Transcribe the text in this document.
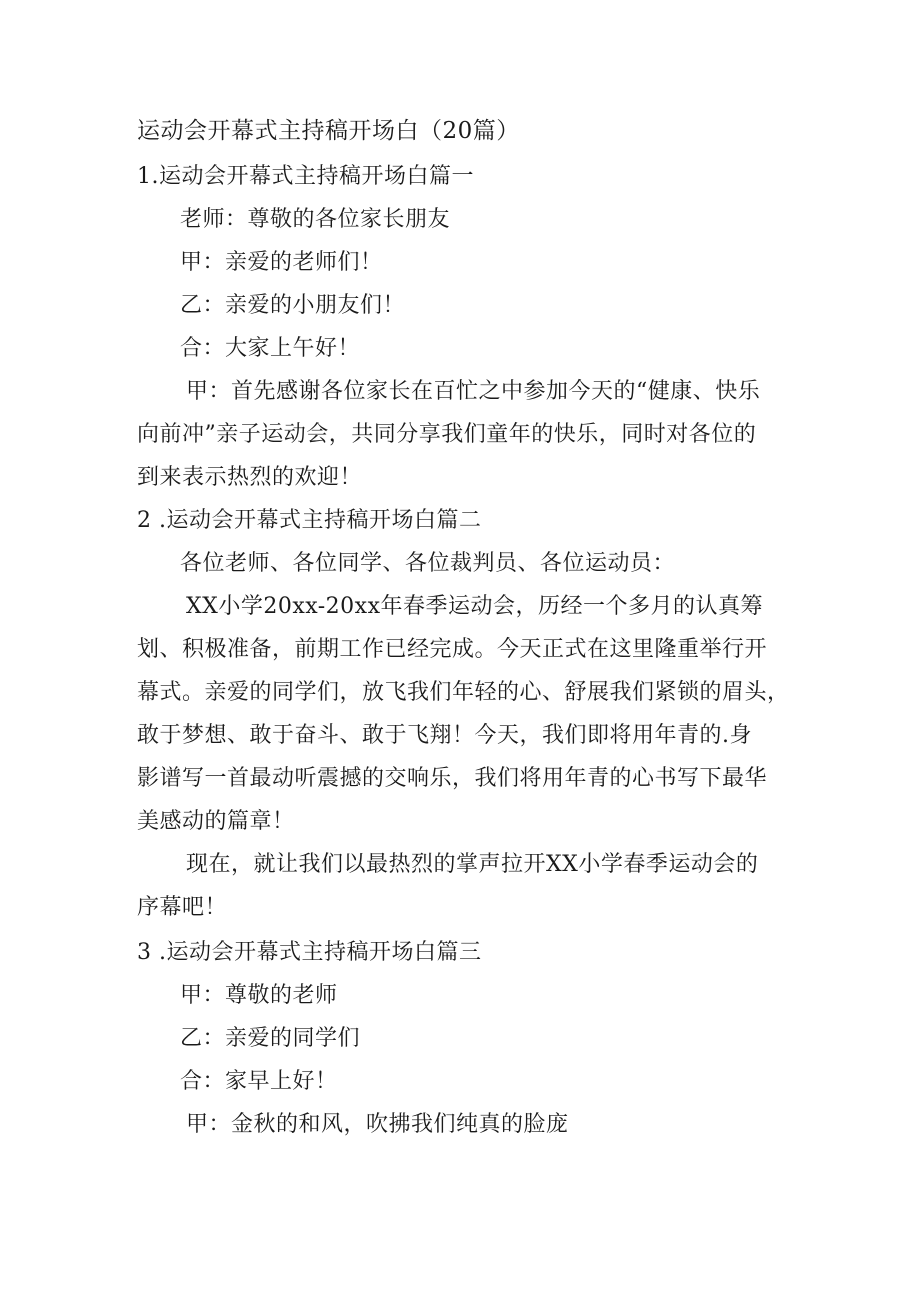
运动会开幕式主持稿开场白（20篇）
1.运动会开幕式主持稿开场白篇一
老师：尊敬的各位家长朋友
甲：亲爱的老师们！
乙：亲爱的小朋友们！
合：大家上午好！
甲：首先感谢各位家长在百忙之中参加今天的“健康、快乐
向前冲”亲子运动会，共同分享我们童年的快乐，同时对各位的
到来表示热烈的欢迎！
2 .运动会开幕式主持稿开场白篇二
各位老师、各位同学、各位裁判员、各位运动员：
XX小学20xx-20xx年春季运动会，历经一个多月的认真筹
划、积极准备，前期工作已经完成。今天正式在这里隆重举行开
幕式。亲爱的同学们，放飞我们年轻的心、舒展我们紧锁的眉头，
敢于梦想、敢于奋斗、敢于飞翔！今天，我们即将用年青的.身
影谱写一首最动听震撼的交响乐，我们将用年青的心书写下最华
美感动的篇章！
现在，就让我们以最热烈的掌声拉开XX小学春季运动会的
序幕吧！
3 .运动会开幕式主持稿开场白篇三
甲：尊敬的老师
乙：亲爱的同学们
合：家早上好！
甲：金秋的和风，吹拂我们纯真的脸庞
